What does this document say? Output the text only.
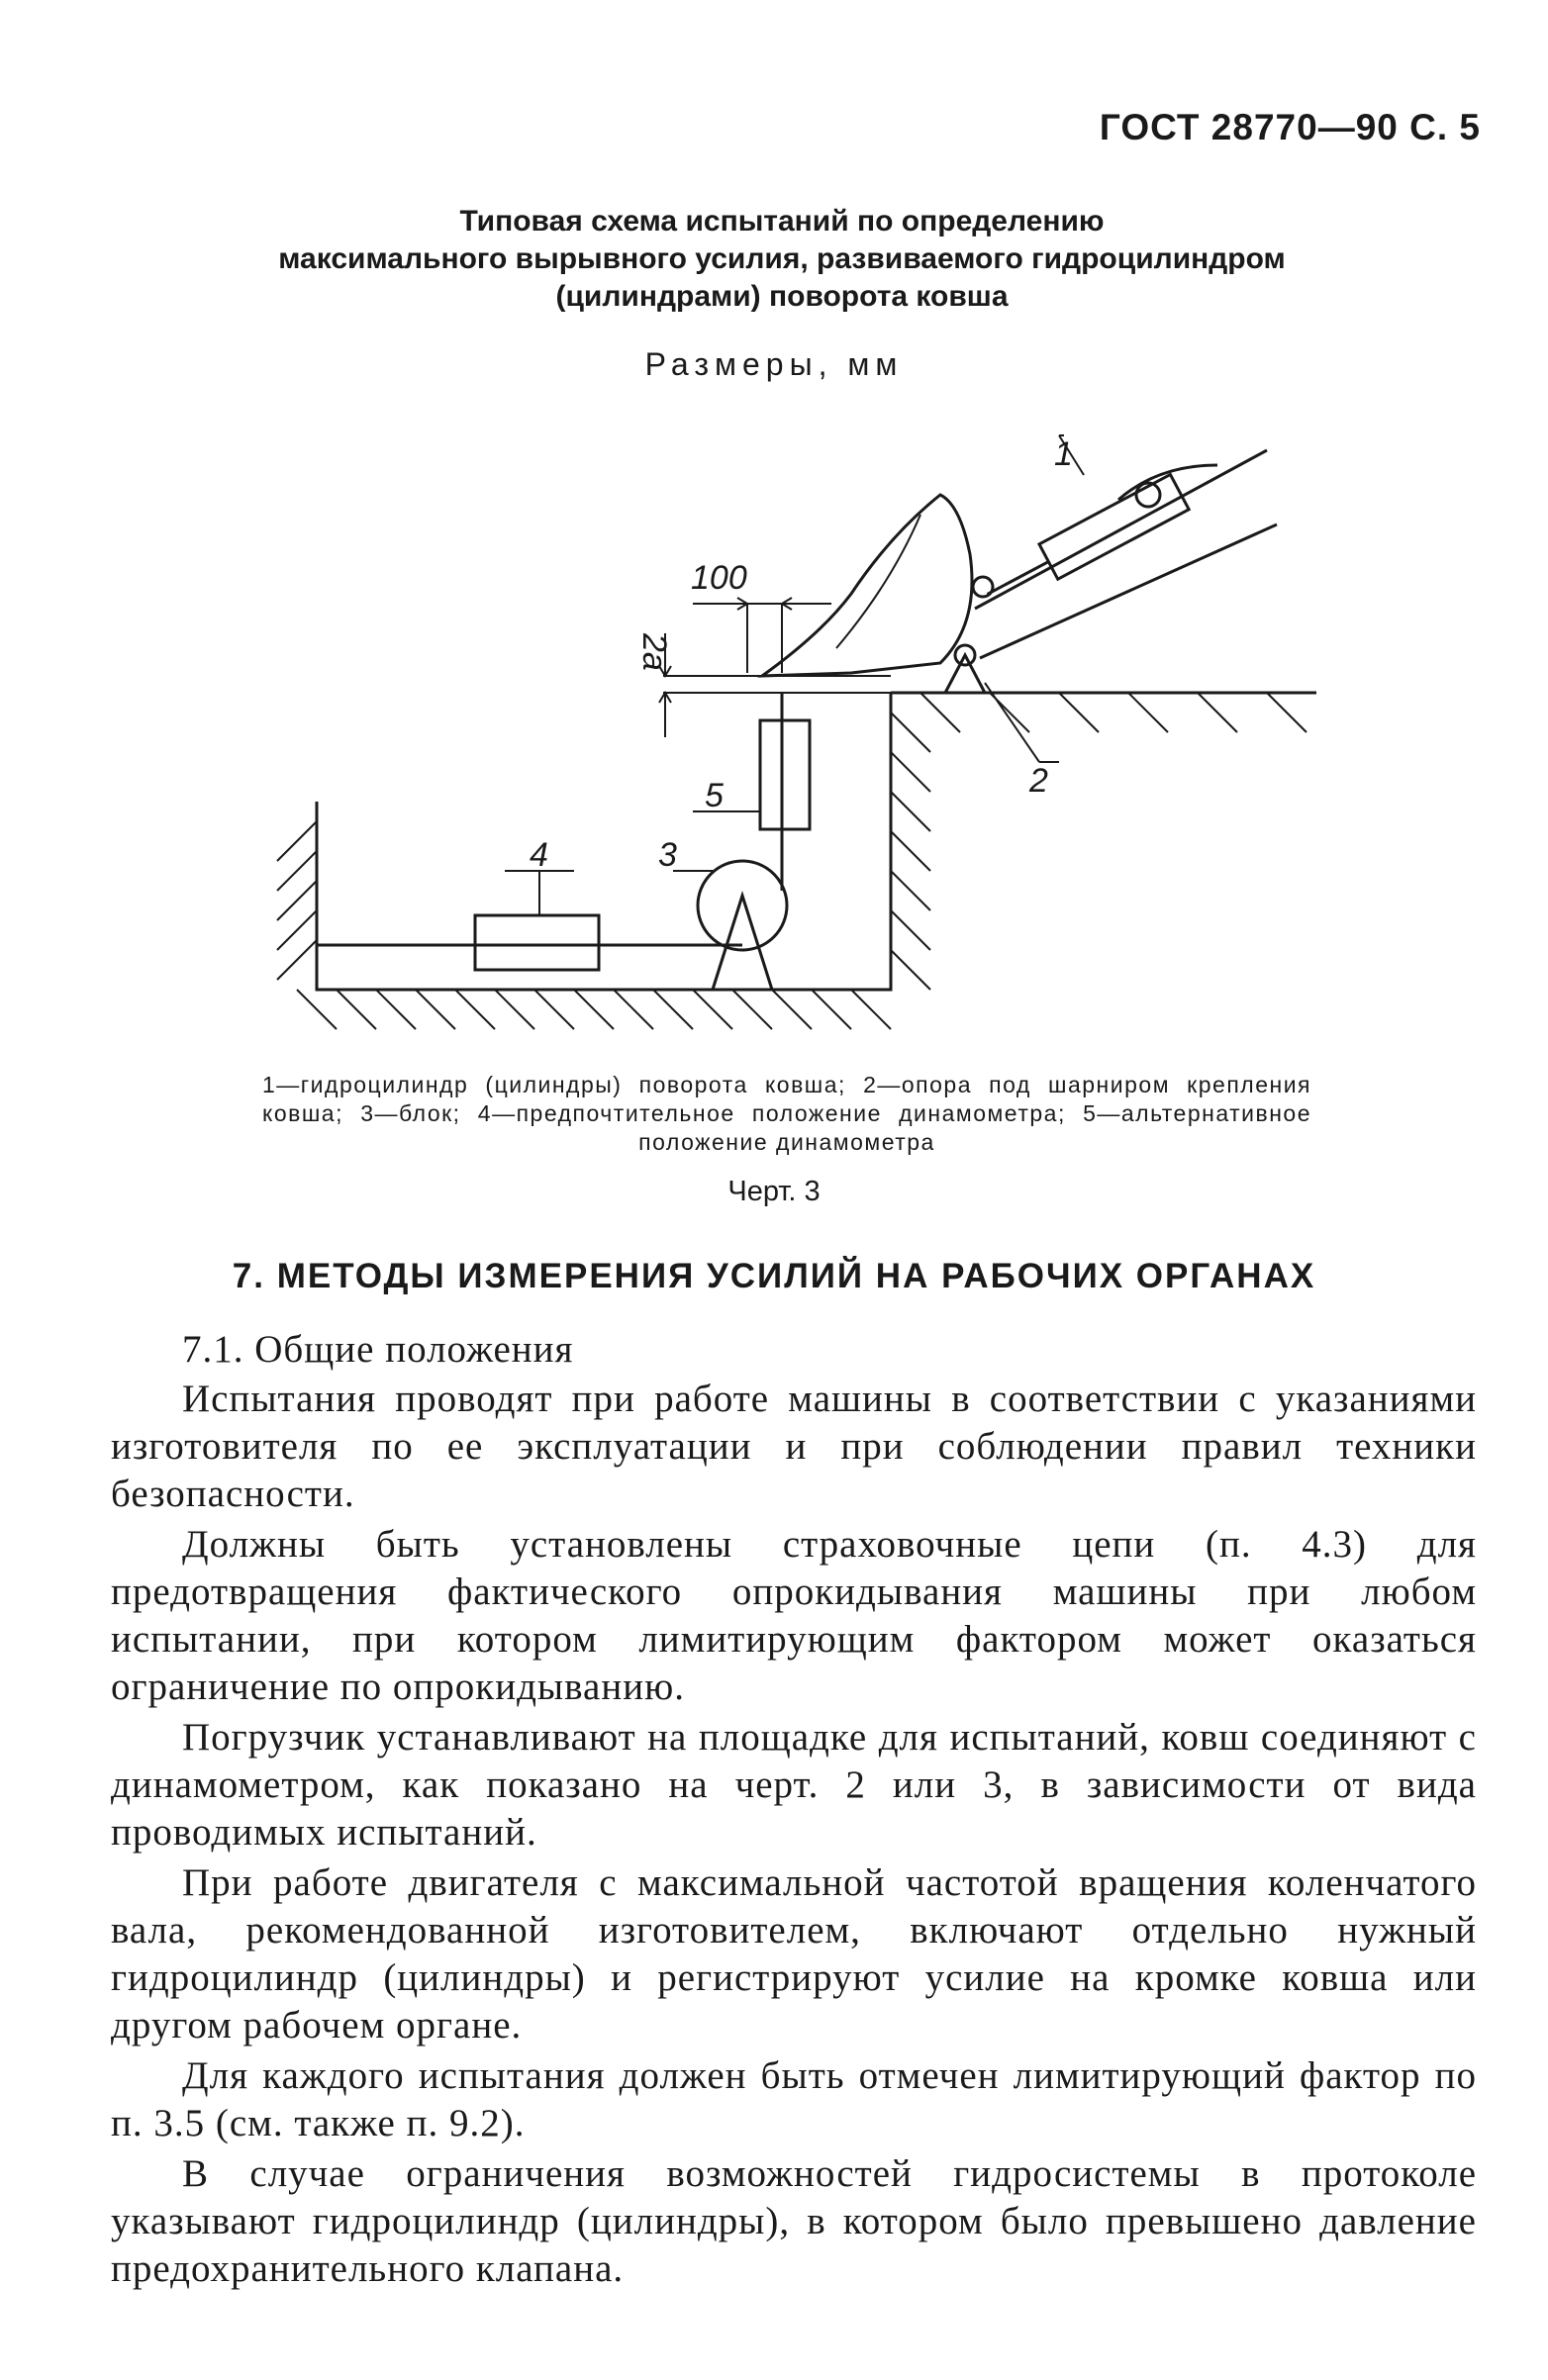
ГОСТ 28770—90 С. 5
Типовая схема испытаний по определению
максимального вырывного усилия, развиваемого гидроцилиндром
(цилиндрами) поворота ковша
Размеры, мм
100
2a
1
2
3
4
5
1—гидроцилиндр (цилиндры) поворота ковша; 2—опора под шарниром крепления ковша; 3—блок; 4—предпочтительное положение динамометра; 5—альтернативное положение динамометра
Черт. 3
7. МЕТОДЫ ИЗМЕРЕНИЯ УСИЛИЙ НА РАБОЧИХ ОРГАНАХ

7.1. Общие положения

Испытания проводят при работе машины в соответствии с указаниями изготовителя по ее эксплуатации и при соблюдении правил техники безопасности.

Должны быть установлены страховочные цепи (п. 4.3) для предотвращения фактического опрокидывания машины при любом испытании, при котором лимитирующим фактором может оказаться ограничение по опрокидыванию.

Погрузчик устанавливают на площадке для испытаний, ковш соединяют с динамометром, как показано на черт. 2 или 3, в зависимости от вида проводимых испытаний.

При работе двигателя с максимальной частотой вращения коленчатого вала, рекомендованной изготовителем, включают отдельно нужный гидроцилиндр (цилиндры) и регистрируют усилие на кромке ковша или другом рабочем органе.

Для каждого испытания должен быть отмечен лимитирующий фактор по п. 3.5 (см. также п. 9.2).

В случае ограничения возможностей гидросистемы в протоколе указывают гидроцилиндр (цилиндры), в котором было превышено давление предохранительного клапана.
